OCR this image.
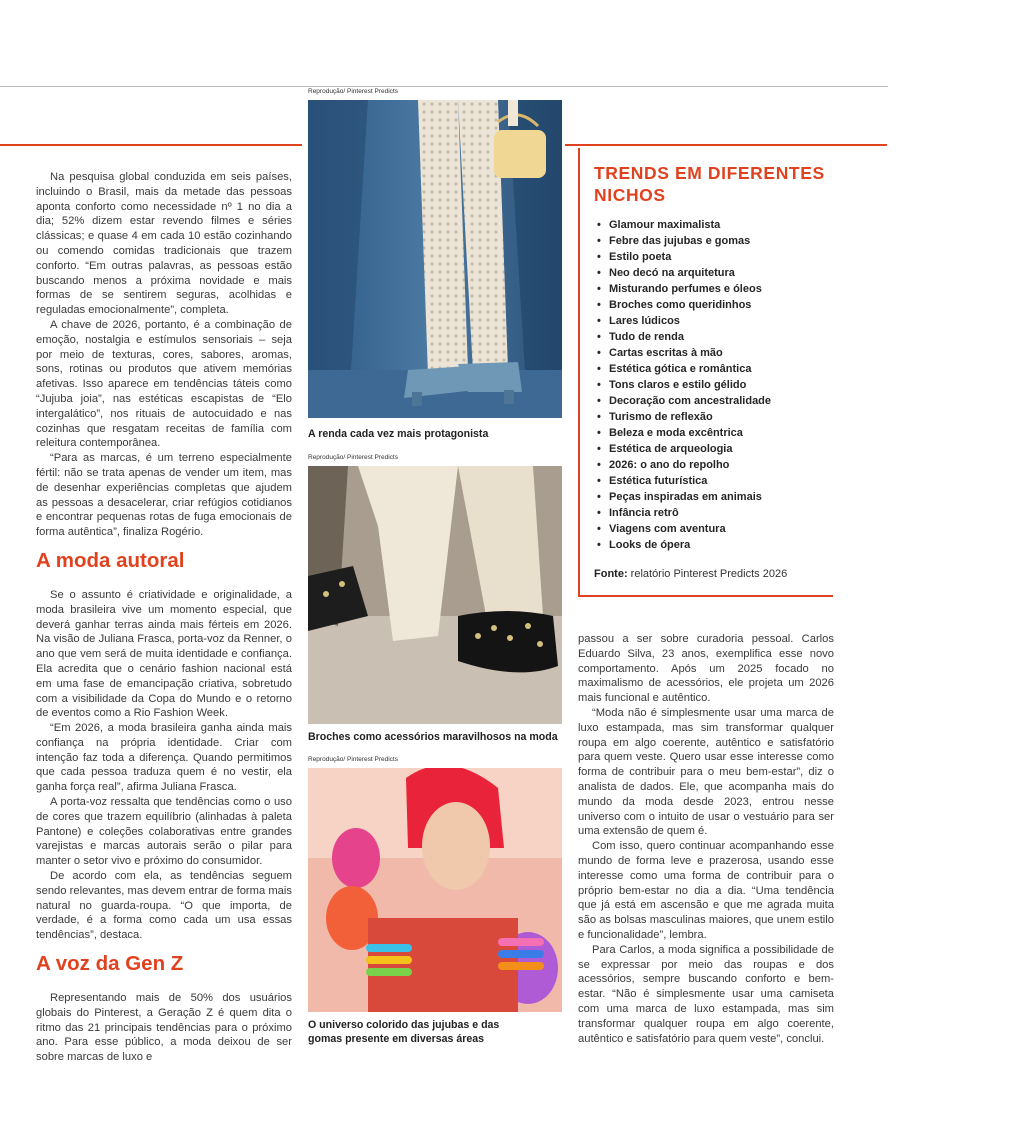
Na pesquisa global conduzida em seis países, incluindo o Brasil, mais da metade das pessoas aponta conforto como necessidade nº 1 no dia a dia; 52% dizem estar revendo filmes e séries clássicas; e quase 4 em cada 10 estão cozinhando ou comendo comidas tradicionais que trazem conforto. “Em outras palavras, as pessoas estão buscando menos a próxima novidade e mais formas de se sentirem seguras, acolhidas e reguladas emocionalmente”, completa.

A chave de 2026, portanto, é a combinação de emoção, nostalgia e estímulos sensoriais – seja por meio de texturas, cores, sabores, aromas, sons, rotinas ou produtos que ativem memórias afetivas. Isso aparece em tendências táteis como “Jujuba joia”, nas estéticas escapistas de “Elo intergalático”, nos rituais de autocuidado e nas cozinhas que resgatam receitas de família com releitura contemporânea.

“Para as marcas, é um terreno especialmente fértil: não se trata apenas de vender um item, mas de desenhar experiências completas que ajudem as pessoas a desacelerar, criar refúgios cotidianos e encontrar pequenas rotas de fuga emocionais de forma autêntica”, finaliza Rogério.

A moda autoral

Se o assunto é criatividade e originalidade, a moda brasileira vive um momento especial, que deverá ganhar terras ainda mais férteis em 2026. Na visão de Juliana Frasca, porta-voz da Renner, o ano que vem será de muita identidade e confiança. Ela acredita que o cenário fashion nacional está em uma fase de emancipação criativa, sobretudo com a visibilidade da Copa do Mundo e o retorno de eventos como a Rio Fashion Week.

“Em 2026, a moda brasileira ganha ainda mais confiança na própria identidade. Criar com intenção faz toda a diferença. Quando permitimos que cada pessoa traduza quem é no vestir, ela ganha força real”, afirma Juliana Frasca.

A porta-voz ressalta que tendências como o uso de cores que trazem equilíbrio (alinhadas à paleta Pantone) e coleções colaborativas entre grandes varejistas e marcas autorais serão o pilar para manter o setor vivo e próximo do consumidor.

De acordo com ela, as tendências seguem sendo relevantes, mas devem entrar de forma mais natural no guarda-roupa. “O que importa, de verdade, é a forma como cada um usa essas tendências”, destaca.

A voz da Gen Z

Representando mais de 50% dos usuários globais do Pinterest, a Geração Z é quem dita o ritmo das 21 principais tendências para o próximo ano. Para esse público, a moda deixou de ser sobre marcas de luxo e

Reprodução/ Pinterest Predicts
A renda cada vez mais protagonista
Reprodução/ Pinterest Predicts
Broches como acessórios maravilhosos na moda
Reprodução/ Pinterest Predicts
O universo colorido das jujubas e das gomas presente em diversas áreas
TRENDS EM DIFERENTES NICHOS
• Glamour maximalista
• Febre das jujubas e gomas
• Estilo poeta
• Neo decó na arquitetura
• Misturando perfumes e óleos
• Broches como queridinhos
• Lares lúdicos
• Tudo de renda
• Cartas escritas à mão
• Estética gótica e romântica
• Tons claros e estilo gélido
• Decoração com ancestralidade
• Turismo de reflexão
• Beleza e moda excêntrica
• Estética de arqueologia
• 2026: o ano do repolho
• Estética futurística
• Peças inspiradas em animais
• Infância retrô
• Viagens com aventura
• Looks de ópera
Fonte: relatório Pinterest Predicts 2026

passou a ser sobre curadoria pessoal. Carlos Eduardo Silva, 23 anos, exemplifica esse novo comportamento. Após um 2025 focado no maximalismo de acessórios, ele projeta um 2026 mais funcional e autêntico.

“Moda não é simplesmente usar uma marca de luxo estampada, mas sim transformar qualquer roupa em algo coerente, autêntico e satisfatório para quem veste. Quero usar esse interesse como forma de contribuir para o meu bem-estar”, diz o analista de dados. Ele, que acompanha mais do mundo da moda desde 2023, entrou nesse universo com o intuito de usar o vestuário para ser uma extensão de quem é.

Com isso, quero continuar acompanhando esse mundo de forma leve e prazerosa, usando esse interesse como uma forma de contribuir para o próprio bem-estar no dia a dia. “Uma tendência que já está em ascensão e que me agrada muita são as bolsas masculinas maiores, que unem estilo e funcionalidade”, lembra.

Para Carlos, a moda significa a possibilidade de se expressar por meio das roupas e dos acessórios, sempre buscando conforto e bem-estar. “Não é simplesmente usar uma camiseta com uma marca de luxo estampada, mas sim transformar qualquer roupa em algo coerente, autêntico e satisfatório para quem veste”, conclui.
